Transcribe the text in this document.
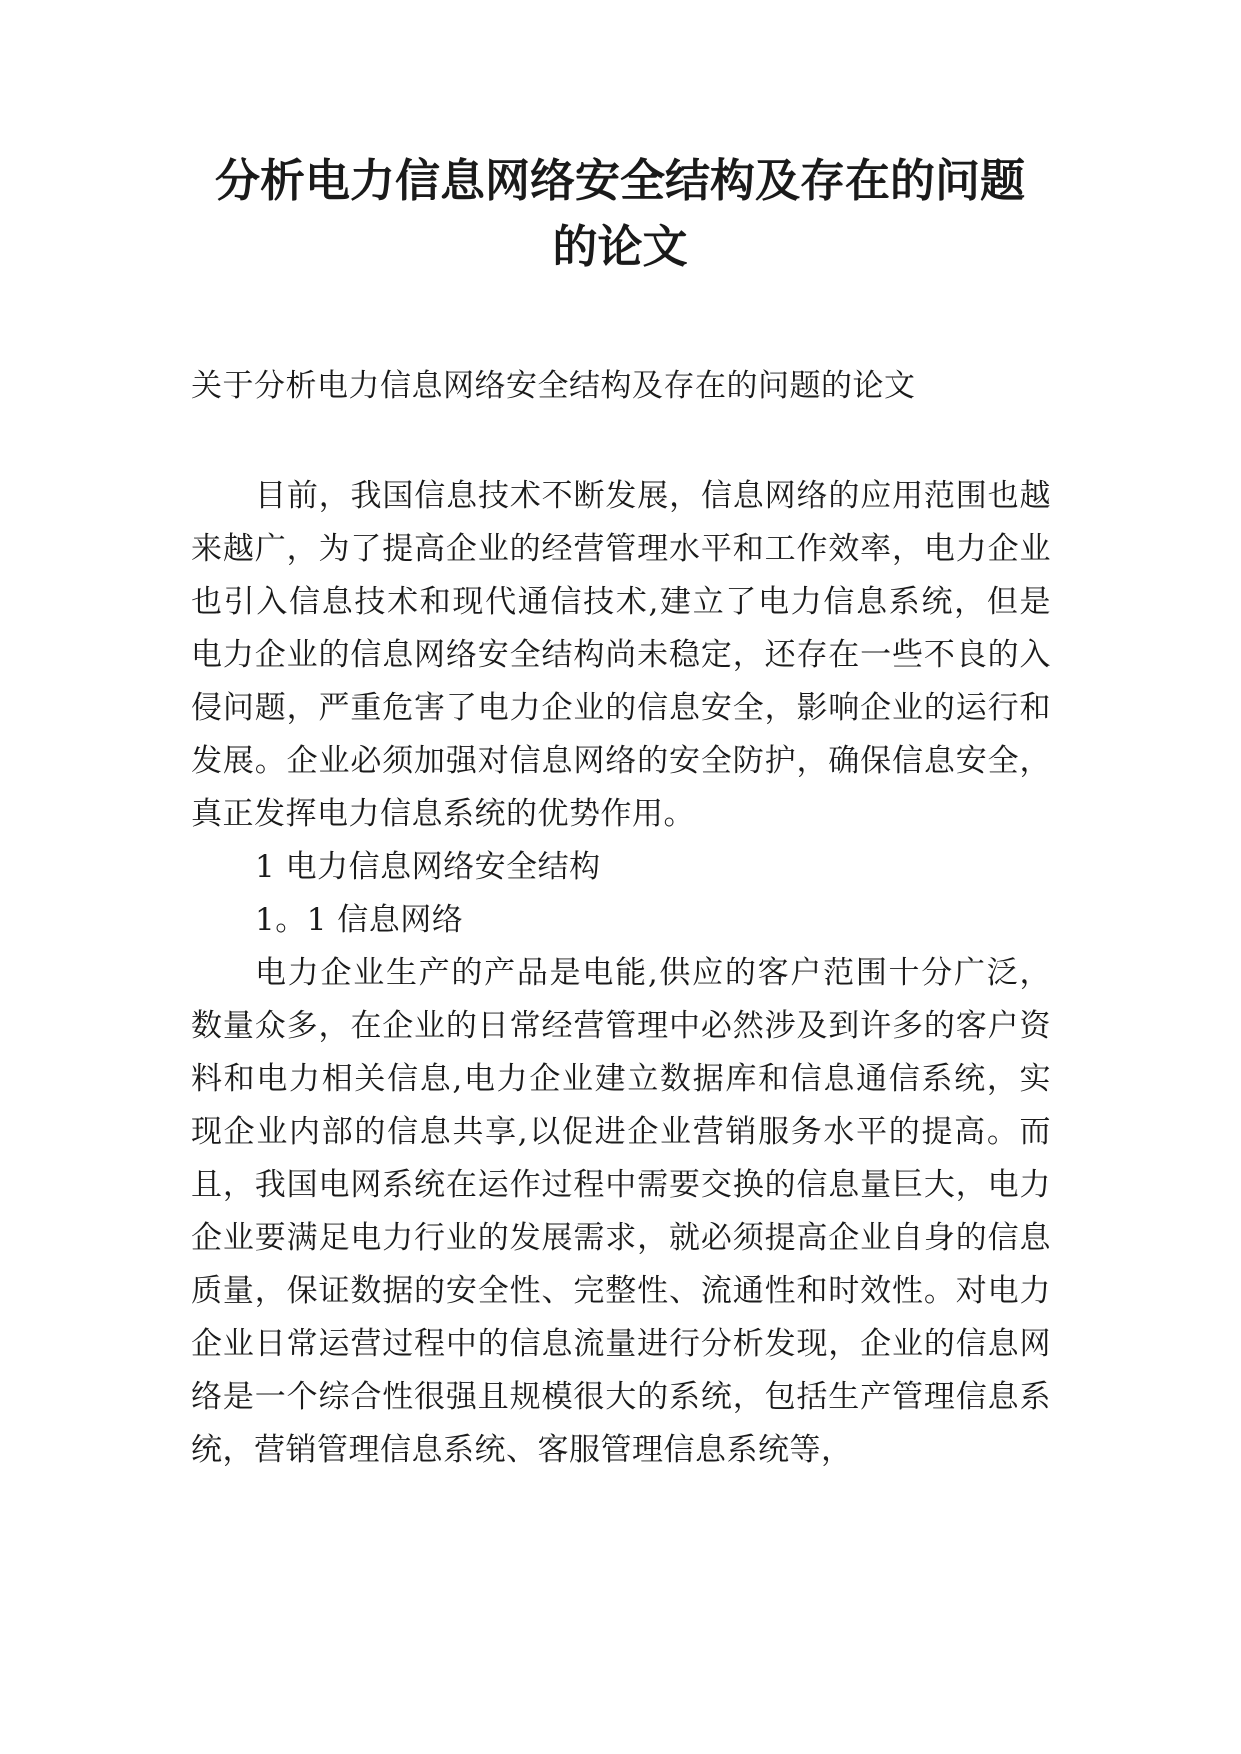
分析电力信息网络安全结构及存在的问题
的论文

关于分析电力信息网络安全结构及存在的问题的论文

目前，我国信息技术不断发展，信息网络的应用范围也越来越广，为了提高企业的经营管理水平和工作效率，电力企业也引入信息技术和现代通信技术,建立了电力信息系统，但是电力企业的信息网络安全结构尚未稳定，还存在一些不良的入侵问题，严重危害了电力企业的信息安全，影响企业的运行和发展。企业必须加强对信息网络的安全防护，确保信息安全，真正发挥电力信息系统的优势作用。

1 电力信息网络安全结构

1。1 信息网络

电力企业生产的产品是电能,供应的客户范围十分广泛，数量众多，在企业的日常经营管理中必然涉及到许多的客户资料和电力相关信息,电力企业建立数据库和信息通信系统，实现企业内部的信息共享,以促进企业营销服务水平的提高。而且，我国电网系统在运作过程中需要交换的信息量巨大，电力企业要满足电力行业的发展需求，就必须提高企业自身的信息质量，保证数据的安全性、完整性、流通性和时效性。对电力企业日常运营过程中的信息流量进行分析发现，企业的信息网络是一个综合性很强且规模很大的系统，包括生产管理信息系统，营销管理信息系统、客服管理信息系统等，
